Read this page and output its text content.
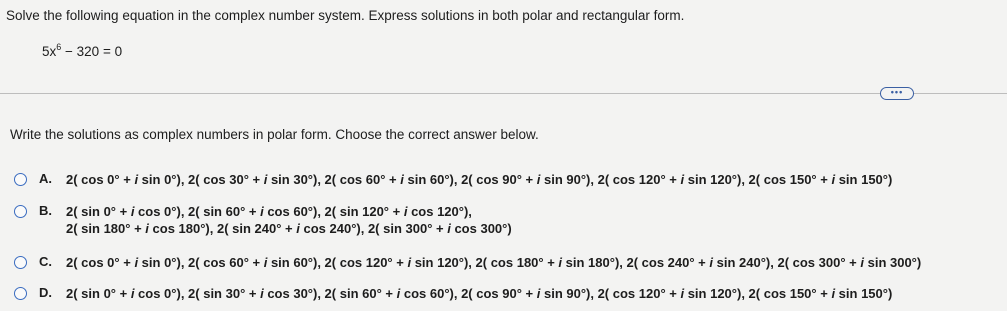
Solve the following equation in the complex number system. Express solutions in both polar and rectangular form.
$5x^6 - 320 = 0$
•••
Write the solutions as complex numbers in polar form. Choose the correct answer below.
A. 2( cos 0° + i sin 0°), 2( cos 30° + i sin 30°), 2( cos 60° + i sin 60°), 2( cos 90° + i sin 90°), 2( cos 120° + i sin 120°), 2( cos 150° + i sin 150°)
B. 2( sin 0° + i cos 0°), 2( sin 60° + i cos 60°), 2( sin 120° + i cos 120°),
2( sin 180° + i cos 180°), 2( sin 240° + i cos 240°), 2( sin 300° + i cos 300°)
C. 2( cos 0° + i sin 0°), 2( cos 60° + i sin 60°), 2( cos 120° + i sin 120°), 2( cos 180° + i sin 180°), 2( cos 240° + i sin 240°), 2( cos 300° + i sin 300°)
D. 2( sin 0° + i cos 0°), 2( sin 30° + i cos 30°), 2( sin 60° + i cos 60°), 2( cos 90° + i sin 90°), 2( cos 120° + i sin 120°), 2( cos 150° + i sin 150°)
